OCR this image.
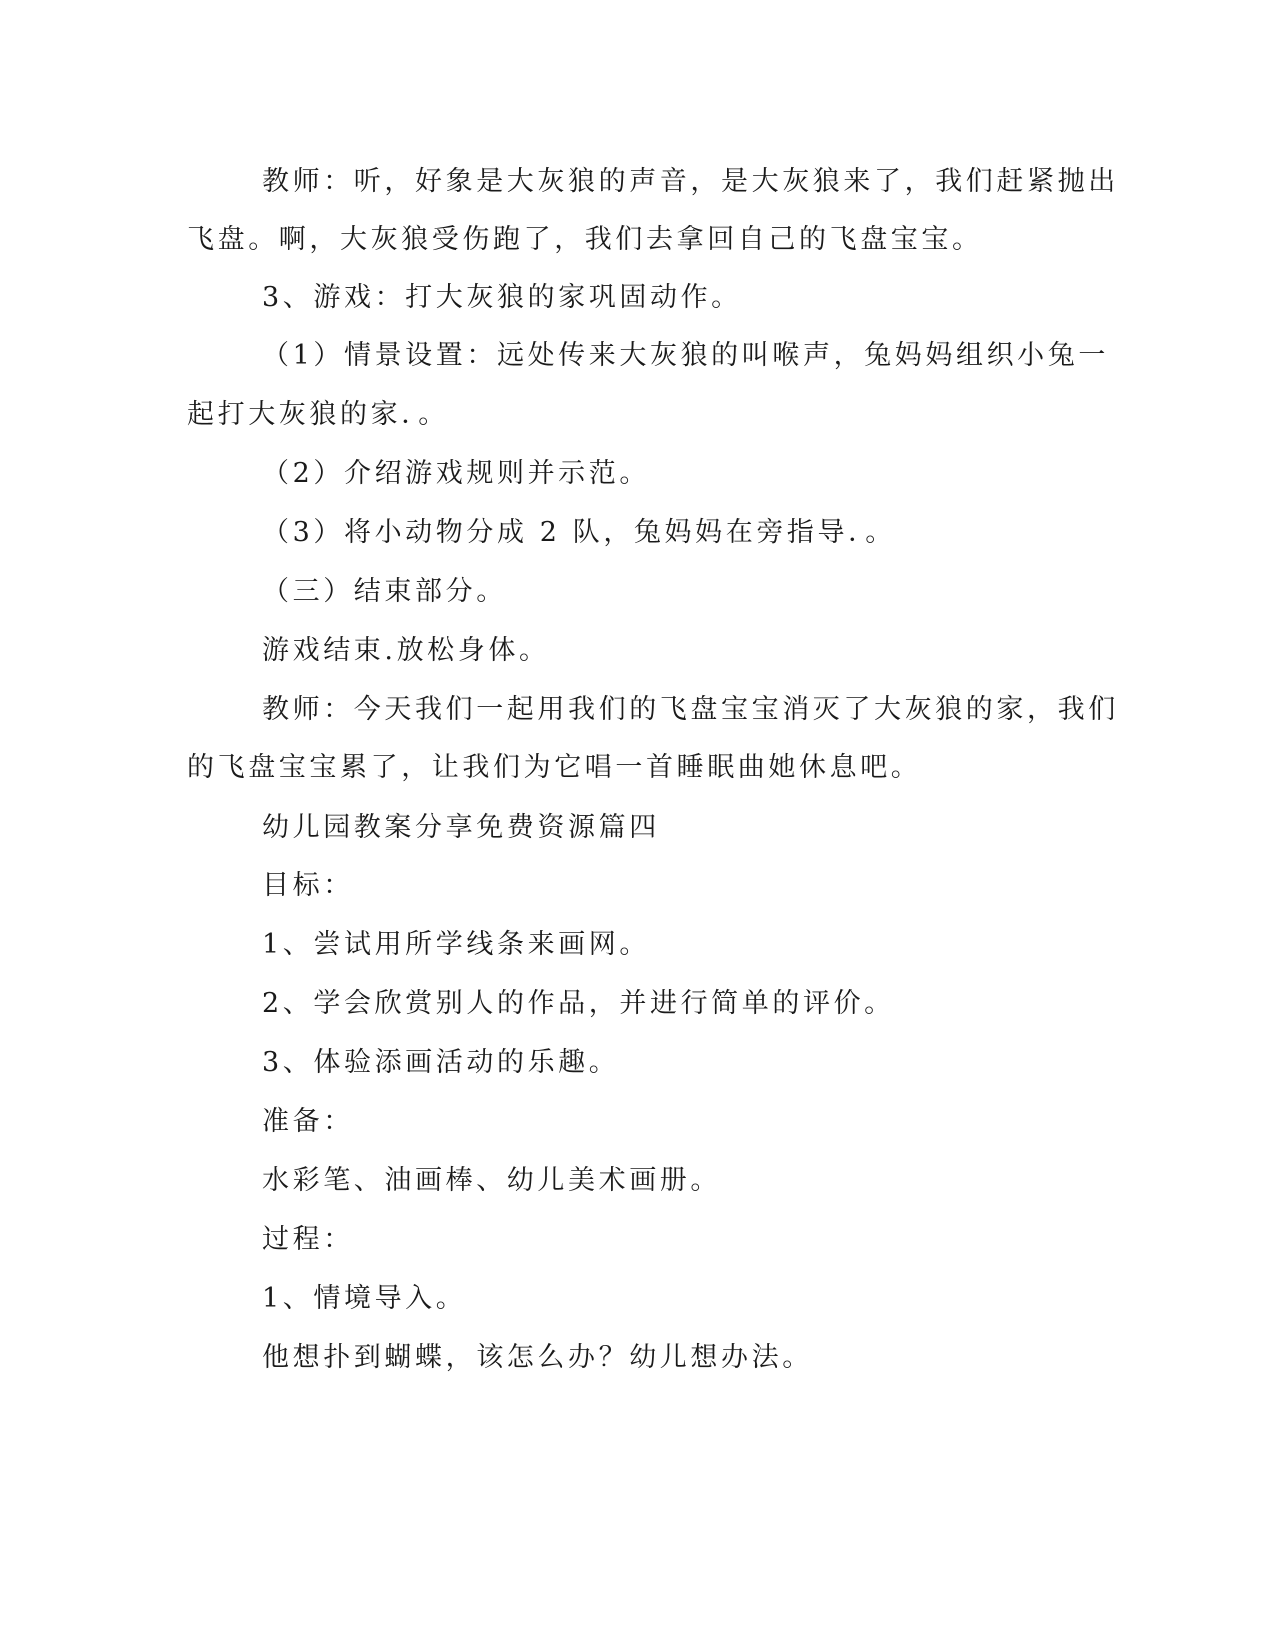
教师：听，好象是大灰狼的声音，是大灰狼来了，我们赶紧抛出

飞盘。啊，大灰狼受伤跑了，我们去拿回自己的飞盘宝宝。

3、游戏：打大灰狼的家巩固动作。

（1）情景设置：远处传来大灰狼的叫喉声，兔妈妈组织小兔一

起打大灰狼的家．。

（2）介绍游戏规则并示范。

（3）将小动物分成 2 队，兔妈妈在旁指导．。

（三）结束部分。

游戏结束.放松身体。

教师：今天我们一起用我们的飞盘宝宝消灭了大灰狼的家，我们

的飞盘宝宝累了，让我们为它唱一首睡眠曲她休息吧。

幼儿园教案分享免费资源篇四

目标：

1、尝试用所学线条来画网。

2、学会欣赏别人的作品，并进行简单的评价。

3、体验添画活动的乐趣。

准备：

水彩笔、油画棒、幼儿美术画册。

过程：

1、情境导入。

他想扑到蝴蝶，该怎么办？幼儿想办法。
